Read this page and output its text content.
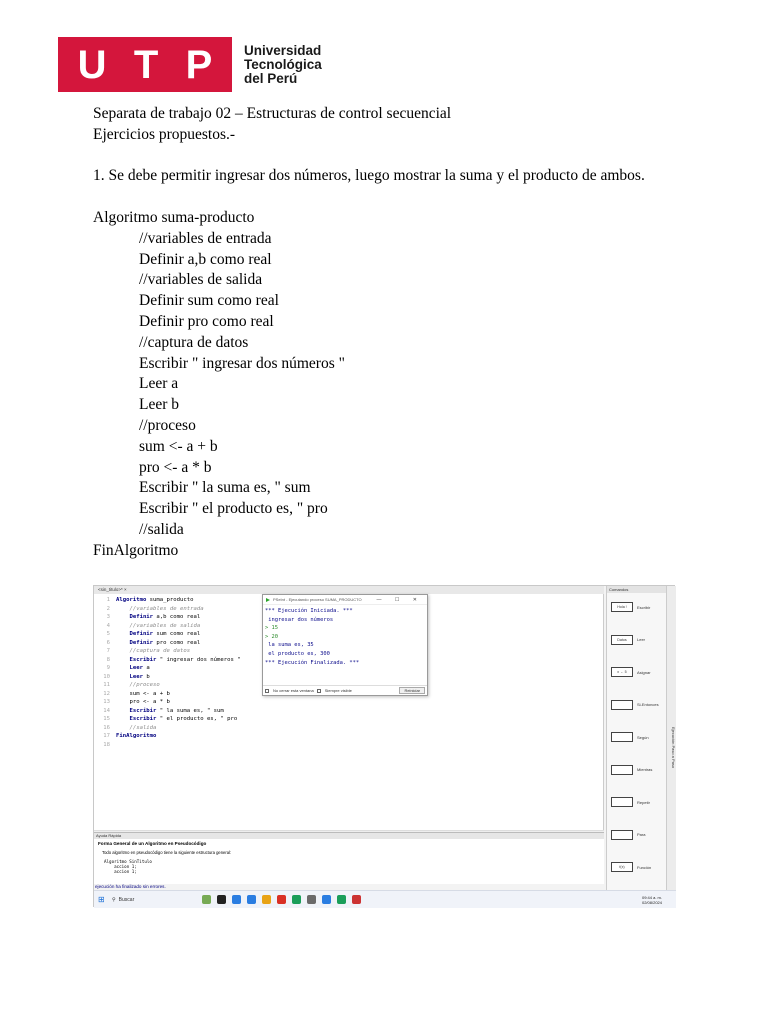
U T P Universidad
Tecnológica
del Perú

Separata de trabajo 02 – Estructuras de control secuencial

Ejercicios propuestos.-

1. Se debe permitir ingresar dos números, luego mostrar la suma y el producto de ambos.

Algoritmo suma-producto

//variables de entrada

Definir a,b como real

//variables de salida

Definir sum como real

Definir pro como real

//captura de datos

Escribir " ingresar dos números "

Leer a

Leer b

//proceso

sum <- a + b

pro <- a * b

Escribir " la suma es, " sum

Escribir " el producto es, " pro

//salida

FinAlgoritmo

<sin_titulo>* ×
1 Algoritmo suma_producto
2 //variables de entrada
3 Definir a,b como real
4 //variables de salida
5 Definir sum como real
6 Definir pro como real
7 //captura de datos
8 Escribir " ingresar dos números "
9 Leer a
10 Leer b
11 //proceso
12 sum <- a + b
13 pro <- a * b
14 Escribir " la suma es, " sum
15 Escribir " el producto es, " pro
16 //salida
17 FinAlgoritmo
18
PSeInt - Ejecutando proceso SUMA_PRODUCTO	— ☐ ✕
*** Ejecución Iniciada. ***
ingresar dos números
> 15
> 20
la suma es, 35
el producto es, 300
*** Ejecución Finalizada. ***
No cerrar esta ventana	Siempre visible	Reiniciar
Ayuda Rápida
Forma General de un Algoritmo en Pseudocódigo
Todo algoritmo en pseudocódigo tiene la siguiente estructura general:
Algoritmo SinTitulo
accion 1;
accion 1;
ejecución ha finalizado sin errores.
Comandos
Hola !	Escribir
Datos	Leer
x ← 5	Asignar
Si-Entonces
Según
Mientras
Repetir
Para
f(x)	Función
Ejecución Paso a Paso
⊞	⚲ Buscar	09:44 a. m.
02/08/2024
